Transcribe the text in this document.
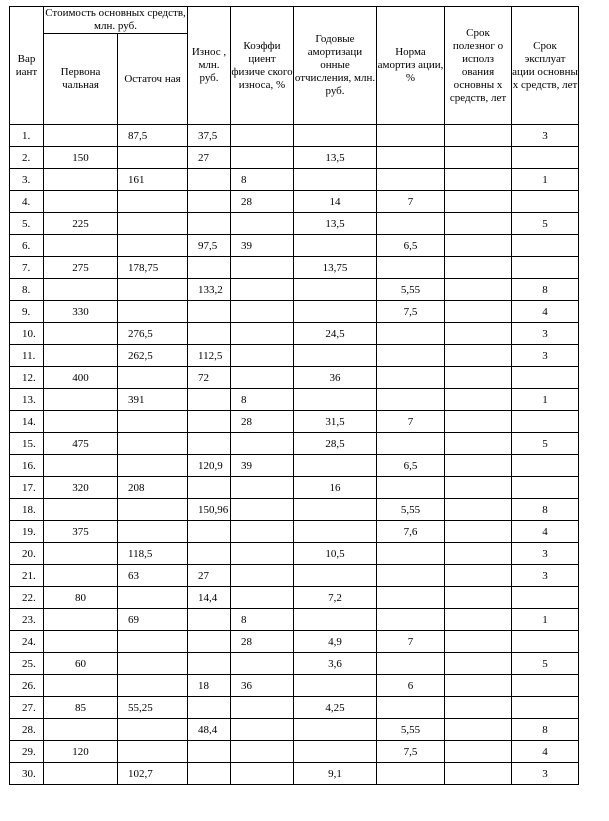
Вар иант	Стоимость основных средств, млн. руб.		Износ , млн. руб.	Коэффи циент физиче ского износа, %	Годовые амортизаци онные отчисления, млн. руб.	Норма амортиз ации, %	Срок полезног о исполз ования основны х средств, лет	Срок эксплуат ации основны х средств, лет
	Первона чальная	Остаточ ная						
1.		87,5	37,5					3
2.	150		27		13,5			
3.		161		8				1
4.				28	14	7		
5.	225				13,5			5
6.			97,5	39		6,5		
7.	275	178,75			13,75			
8.			133,2			5,55		8
9.	330					7,5		4
10.		276,5			24,5			3
11.		262,5	112,5					3
12.	400		72		36			
13.		391		8				1
14.				28	31,5	7		
15.	475				28,5			5
16.			120,9	39		6,5		
17.	320	208			16			
18.			150,96			5,55		8
19.	375					7,6		4
20.		118,5			10,5			3
21.		63	27					3
22.	80		14,4		7,2			
23.		69		8				1
24.				28	4,9	7		
25.	60				3,6			5
26.			18	36		6		
27.	85	55,25			4,25			
28.			48,4			5,55		8
29.	120					7,5		4
30.		102,7			9,1			3
